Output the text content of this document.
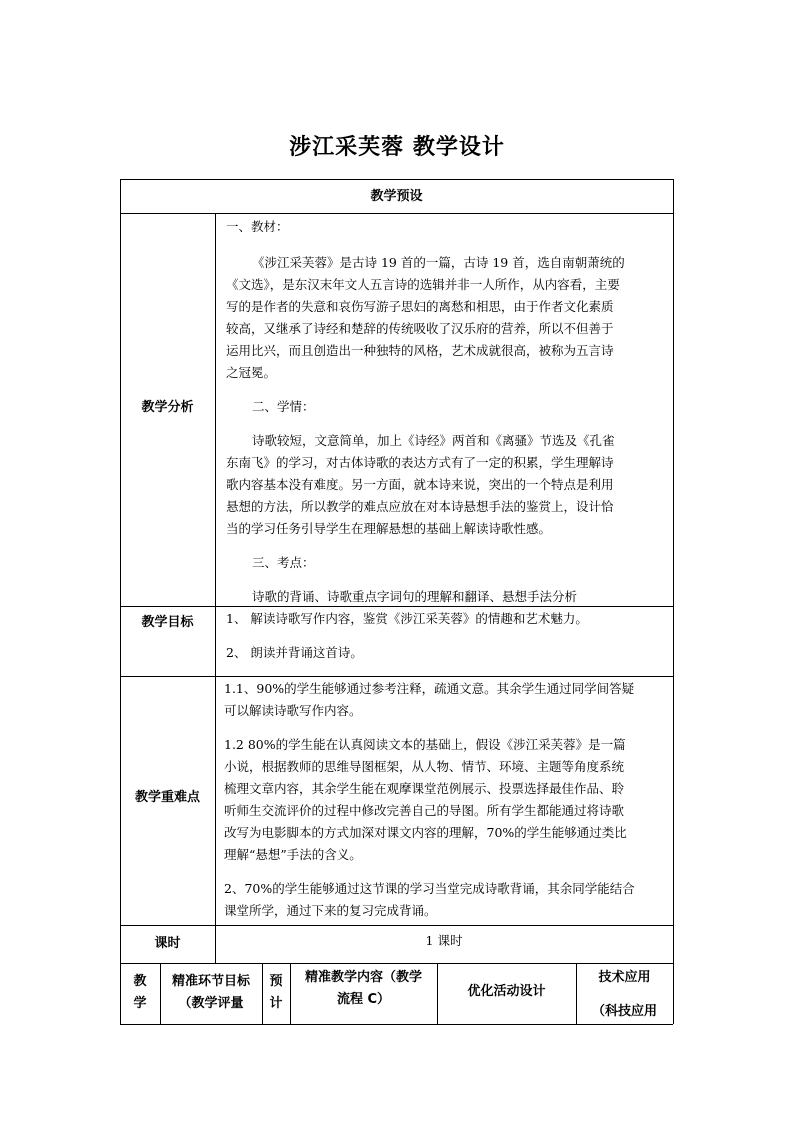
涉江采芙蓉 教学设计
教学预设
教学分析

一、教材：

《涉江采芙蓉》是古诗 19 首的一篇，古诗 19 首，选自南朝萧统的

《文选》，是东汉末年文人五言诗的选辑并非一人所作，从内容看，主要

写的是作者的失意和哀伤写游子思妇的离愁和相思，由于作者文化素质

较高，又继承了诗经和楚辞的传统吸收了汉乐府的营养，所以不但善于

运用比兴，而且创造出一种独特的风格，艺术成就很高，被称为五言诗

之冠冕。

二、学情：

诗歌较短，文意简单，加上《诗经》两首和《离骚》节选及《孔雀

东南飞》的学习，对古体诗歌的表达方式有了一定的积累，学生理解诗

歌内容基本没有难度。另一方面，就本诗来说，突出的一个特点是利用

悬想的方法，所以教学的难点应放在对本诗悬想手法的鉴赏上，设计恰

当的学习任务引导学生在理解悬想的基础上解读诗歌性感。

三、考点：

诗歌的背诵、诗歌重点字词句的理解和翻译、悬想手法分析

教学目标	1、 解读诗歌写作内容，鉴赏《涉江采芙蓉》的情趣和艺术魅力。

2、 朗读并背诵这首诗。

教学重难点

1.1、90%的学生能够通过参考注释，疏通文意。其余学生通过同学间答疑

可以解读诗歌写作内容。

1.2 80%的学生能在认真阅读文本的基础上，假设《涉江采芙蓉》是一篇

小说，根据教师的思维导图框架，从人物、情节、环境、主题等角度系统

梳理文章内容，其余学生能在观摩课堂范例展示、投票选择最佳作品、聆

听师生交流评价的过程中修改完善自己的导图。所有学生都能通过将诗歌

改写为电影脚本的方式加深对课文内容的理解，70%的学生能够通过类比

理解“悬想”手法的含义。

2、70%的学生能够通过这节课的学习当堂完成诗歌背诵，其余同学能结合

课堂所学，通过下来的复习完成背诵。

课时	1 课时

教

学

精准环节目标

（教学评量

预

计

精准教学内容（教学

流程 C）

优化活动设计

技术应用

（科技应用
